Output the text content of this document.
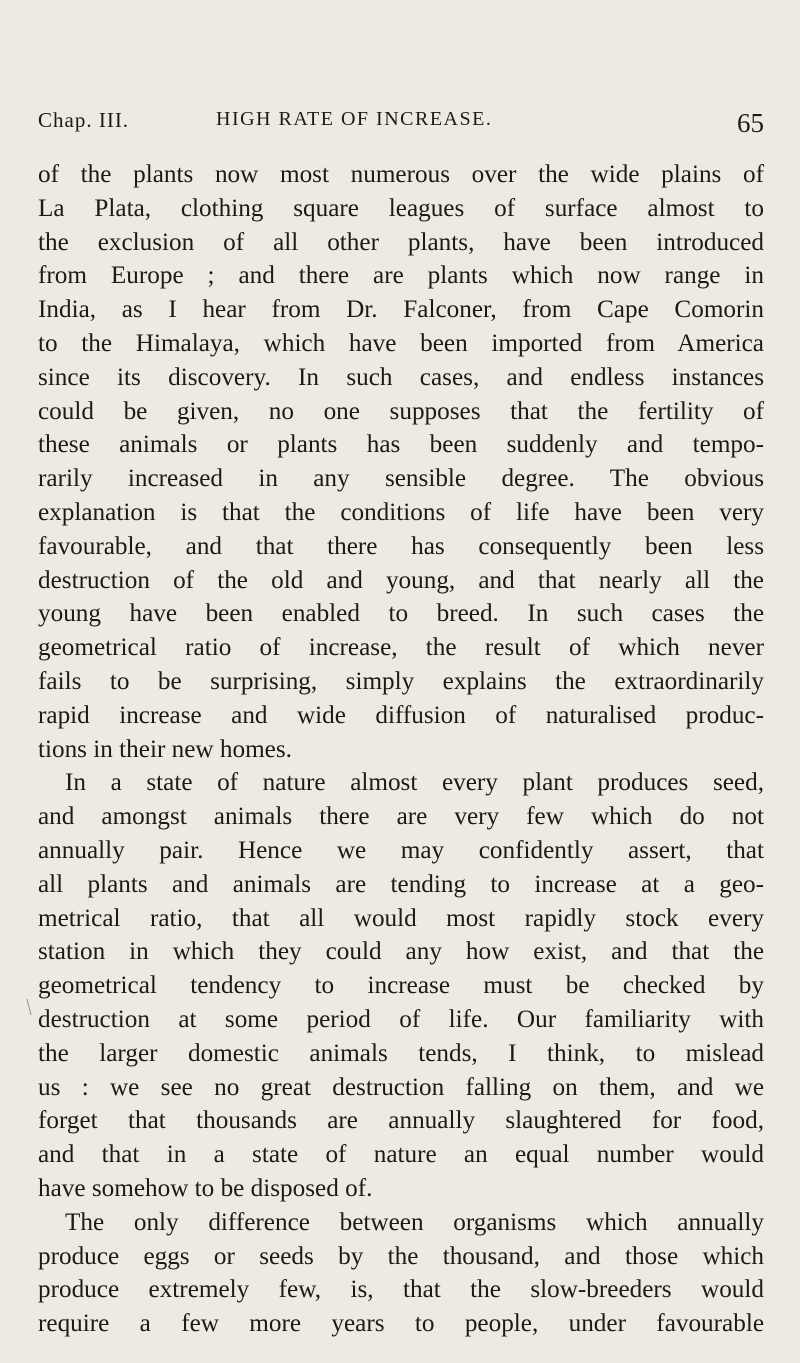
Chap. III.	HIGH RATE OF INCREASE.	65
of the plants now most numerous over the wide plains of
La Plata, clothing square leagues of surface almost to
the exclusion of all other plants, have been introduced
from Europe ; and there are plants which now range in
India, as I hear from Dr. Falconer, from Cape Comorin
to the Himalaya, which have been imported from America
since its discovery. In such cases, and endless instances
could be given, no one supposes that the fertility of
these animals or plants has been suddenly and tempo-
rarily increased in any sensible degree. The obvious
explanation is that the conditions of life have been very
favourable, and that there has consequently been less
destruction of the old and young, and that nearly all the
young have been enabled to breed. In such cases the
geometrical ratio of increase, the result of which never
fails to be surprising, simply explains the extraordinarily
rapid increase and wide diffusion of naturalised produc-
tions in their new homes.
In a state of nature almost every plant produces seed,
and amongst animals there are very few which do not
annually pair. Hence we may confidently assert, that
all plants and animals are tending to increase at a geo-
metrical ratio, that all would most rapidly stock every
station in which they could any how exist, and that the
geometrical tendency to increase must be checked by
destruction at some period of life. Our familiarity with
the larger domestic animals tends, I think, to mislead
us : we see no great destruction falling on them, and we
forget that thousands are annually slaughtered for food,
and that in a state of nature an equal number would
have somehow to be disposed of.
The only difference between organisms which annually
produce eggs or seeds by the thousand, and those which
produce extremely few, is, that the slow-breeders would
require a few more years to people, under favourable
